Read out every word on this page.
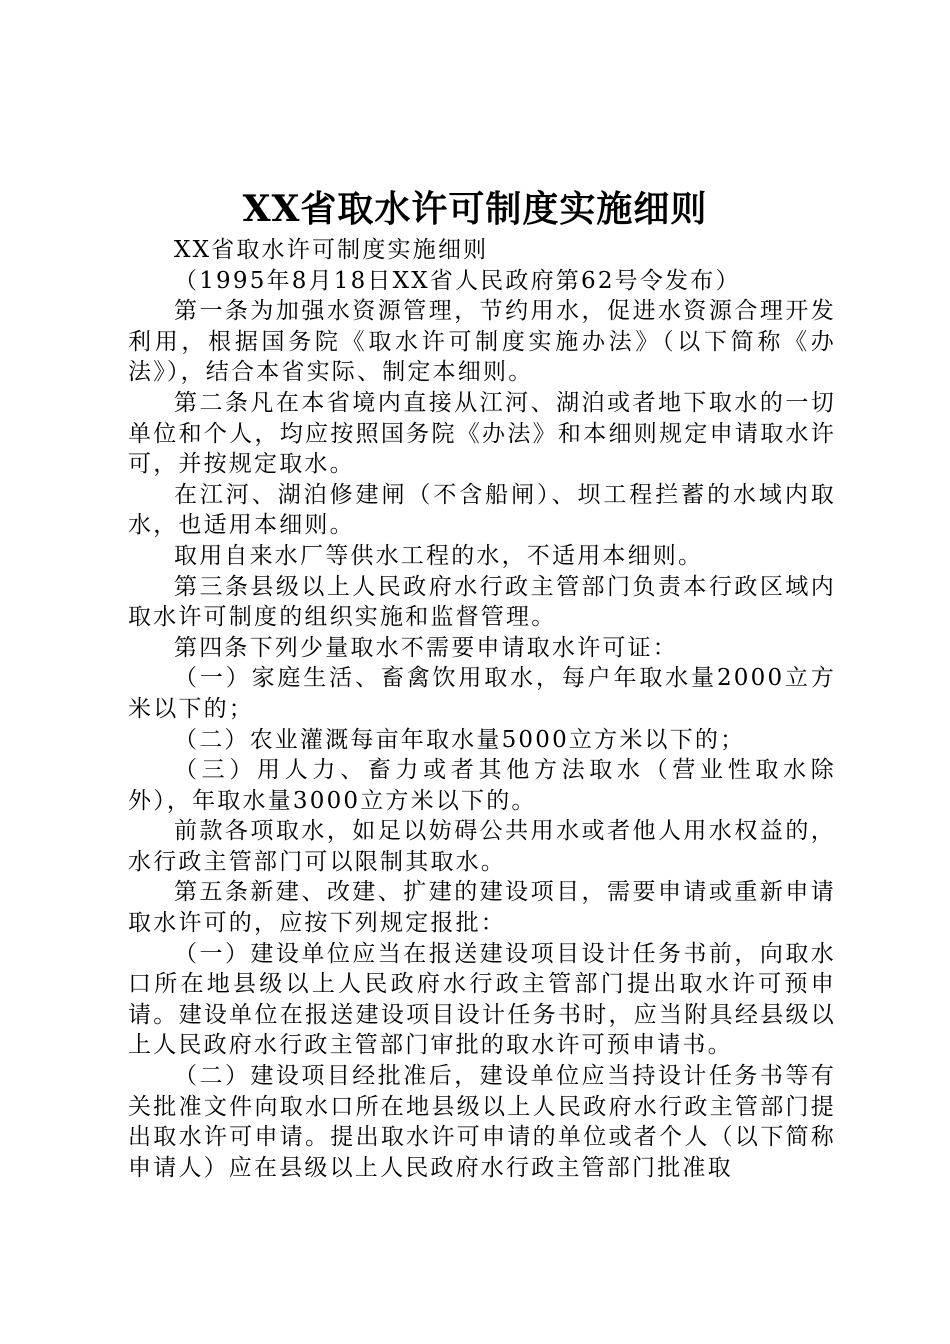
XX省取水许可制度实施细则

XX省取水许可制度实施细则

（1995年8月18日XX省人民政府第62号令发布）

第一条为加强水资源管理，节约用水，促进水资源合理开发利用，根据国务院《取水许可制度实施办法》（以下简称《办法》），结合本省实际、制定本细则。

第二条凡在本省境内直接从江河、湖泊或者地下取水的一切单位和个人，均应按照国务院《办法》和本细则规定申请取水许可，并按规定取水。

在江河、湖泊修建闸（不含船闸）、坝工程拦蓄的水域内取水，也适用本细则。

取用自来水厂等供水工程的水，不适用本细则。

第三条县级以上人民政府水行政主管部门负责本行政区域内取水许可制度的组织实施和监督管理。

第四条下列少量取水不需要申请取水许可证：

（一）家庭生活、畜禽饮用取水，每户年取水量2000立方米以下的；

（二）农业灌溉每亩年取水量5000立方米以下的；

（三）用人力、畜力或者其他方法取水（营业性取水除外），年取水量3000立方米以下的。

前款各项取水，如足以妨碍公共用水或者他人用水权益的，水行政主管部门可以限制其取水。

第五条新建、改建、扩建的建设项目，需要申请或重新申请取水许可的，应按下列规定报批：

（一）建设单位应当在报送建设项目设计任务书前，向取水口所在地县级以上人民政府水行政主管部门提出取水许可预申请。建设单位在报送建设项目设计任务书时，应当附具经县级以上人民政府水行政主管部门审批的取水许可预申请书。

（二）建设项目经批准后，建设单位应当持设计任务书等有关批准文件向取水口所在地县级以上人民政府水行政主管部门提出取水许可申请。提出取水许可申请的单位或者个人（以下简称申请人）应在县级以上人民政府水行政主管部门批准取
